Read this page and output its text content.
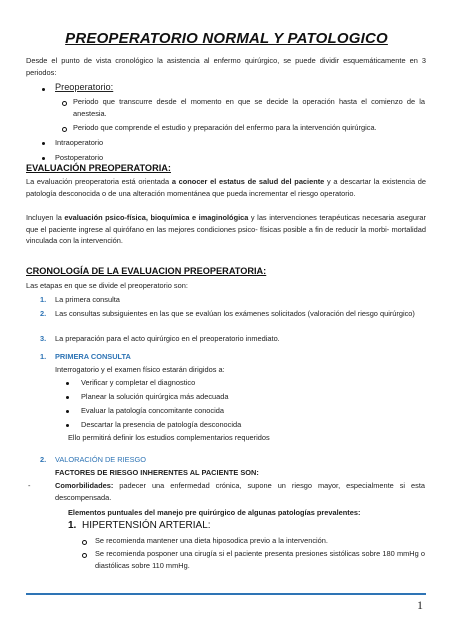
PREOPERATORIO NORMAL Y PATOLOGICO
Desde el punto de vista cronológico la asistencia al enfermo quirúrgico, se puede dividir esquemáticamente en 3 periodos:
Preoperatorio:
Periodo que transcurre desde el momento en que se decide la operación hasta el comienzo de la anestesia.
Periodo que comprende el estudio y preparación del enfermo para la intervención quirúrgica.
Intraoperatorio
Postoperatorio
EVALUACIÓN PREOPERATORIA:
La evaluación preoperatoria está orientada a conocer el estatus de salud del paciente y a descartar la existencia de patología desconocida o de una alteración momentánea que pueda incrementar el riesgo operatorio.
Incluyen la evaluación psico-física, bioquímica e imaginológica y las intervenciones terapéuticas necesaria asegurar que el paciente ingrese al quirófano en las mejores condiciones psico- físicas posible a fin de reducir la morbi- mortalidad vinculada con la intervención.
CRONOLOGÍA DE LA EVALUACION PREOPERATORIA:
Las etapas en que se divide el preoperatorio son:
1. La primera consulta
2. Las consultas subsiguientes en las que se evalúan los exámenes solicitados (valoración del riesgo quirúrgico)
3. La preparación para el acto quirúrgico en el preoperatorio inmediato.
1. PRIMERA CONSULTA
Interrogatorio y el examen físico estarán dirigidos a:
Verificar y completar el diagnostico
Planear la solución quirúrgica más adecuada
Evaluar la patología concomitante conocida
Descartar la presencia de patología desconocida
Ello permitirá definir los estudios complementarios requeridos
2. VALORACIÓN DE RIESGO
FACTORES DE RIESGO INHERENTES AL PACIENTE SON:
-	Comorbilidades: padecer una enfermedad crónica, supone un riesgo mayor, especialmente si esta descompensada.
Elementos puntuales del manejo pre quirúrgico de algunas patologías prevalentes:
1. HIPERTENSIÓN ARTERIAL:
Se recomienda mantener una dieta hiposodica previo a la intervención.
Se recomienda posponer una cirugía si el paciente presenta presiones sistólicas sobre 180 mmHg o diastólicas sobre 110 mmHg.
1
